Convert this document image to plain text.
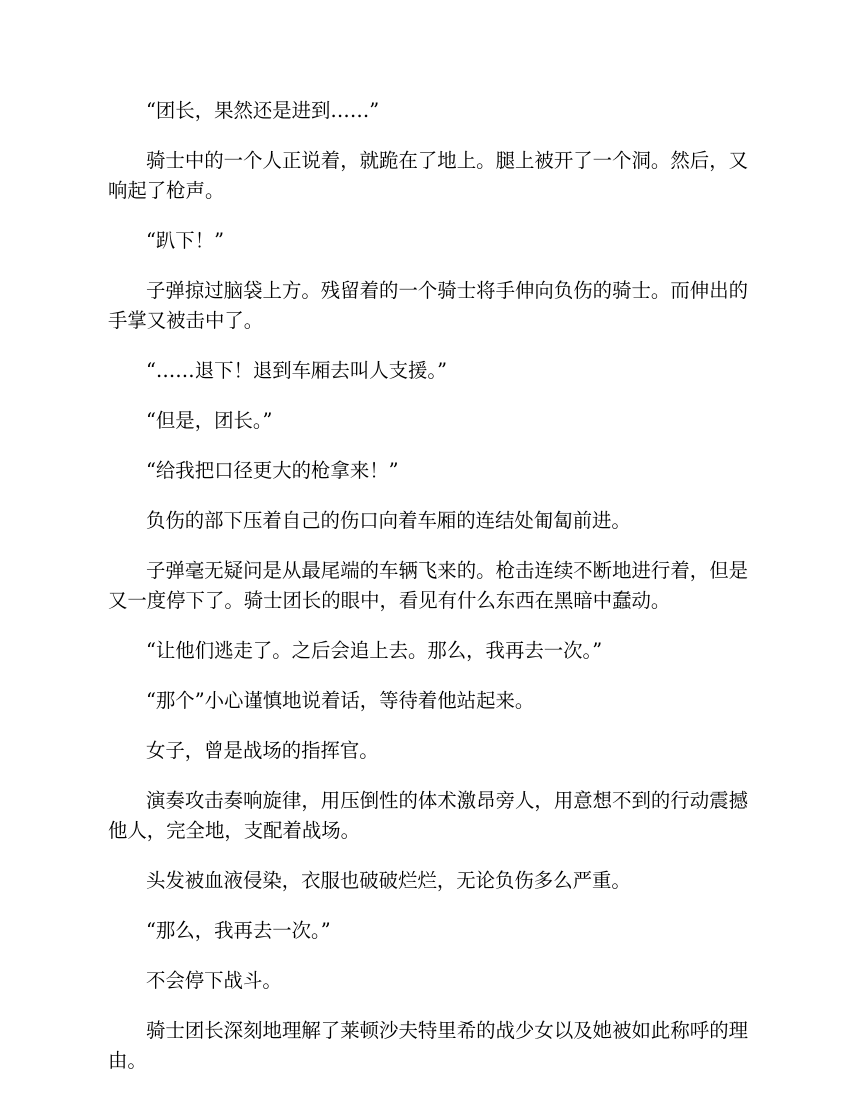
“团长，果然还是进到……”

骑士中的一个人正说着，就跪在了地上。腿上被开了一个洞。然后，又响起了枪声。

“趴下！”

子弹掠过脑袋上方。残留着的一个骑士将手伸向负伤的骑士。而伸出的手掌又被击中了。

“……退下！退到车厢去叫人支援。”

“但是，团长。”

“给我把口径更大的枪拿来！”

负伤的部下压着自己的伤口向着车厢的连结处匍匐前进。

子弹毫无疑问是从最尾端的车辆飞来的。枪击连续不断地进行着，但是又一度停下了。骑士团长的眼中，看见有什么东西在黑暗中蠢动。

“让他们逃走了。之后会追上去。那么，我再去一次。”

“那个”小心谨慎地说着话，等待着他站起来。

女子，曾是战场的指挥官。

演奏攻击奏响旋律，用压倒性的体术激昂旁人，用意想不到的行动震撼他人，完全地，支配着战场。

头发被血液侵染，衣服也破破烂烂，无论负伤多么严重。

“那么，我再去一次。”

不会停下战斗。

骑士团长深刻地理解了莱顿沙夫特里希的战少女以及她被如此称呼的理由。
